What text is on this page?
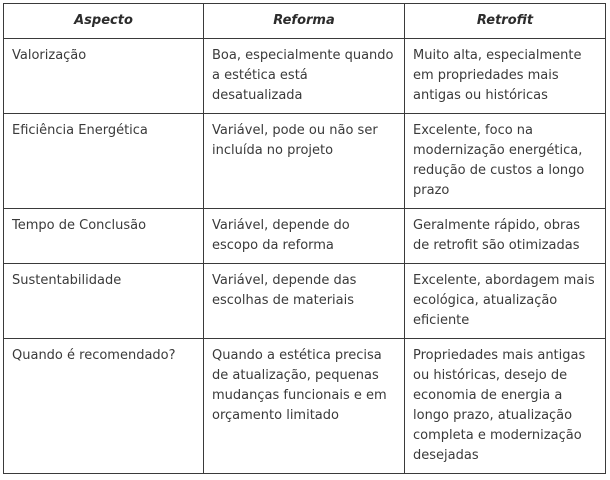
Aspecto	Reforma	Retrofit
Valorização	Boa, especialmente quando a estética está desatualizada	Muito alta, especialmente em propriedades mais antigas ou históricas
Eficiência Energética	Variável, pode ou não ser incluída no projeto	Excelente, foco na modernização energética, redução de custos a longo prazo
Tempo de Conclusão	Variável, depende do escopo da reforma	Geralmente rápido, obras de retrofit são otimizadas
Sustentabilidade	Variável, depende das escolhas de materiais	Excelente, abordagem mais ecológica, atualização eficiente
Quando é recomendado?	Quando a estética precisa de atualização, pequenas mudanças funcionais e em orçamento limitado	Propriedades mais antigas ou históricas, desejo de economia de energia a longo prazo, atualização completa e modernização desejadas
